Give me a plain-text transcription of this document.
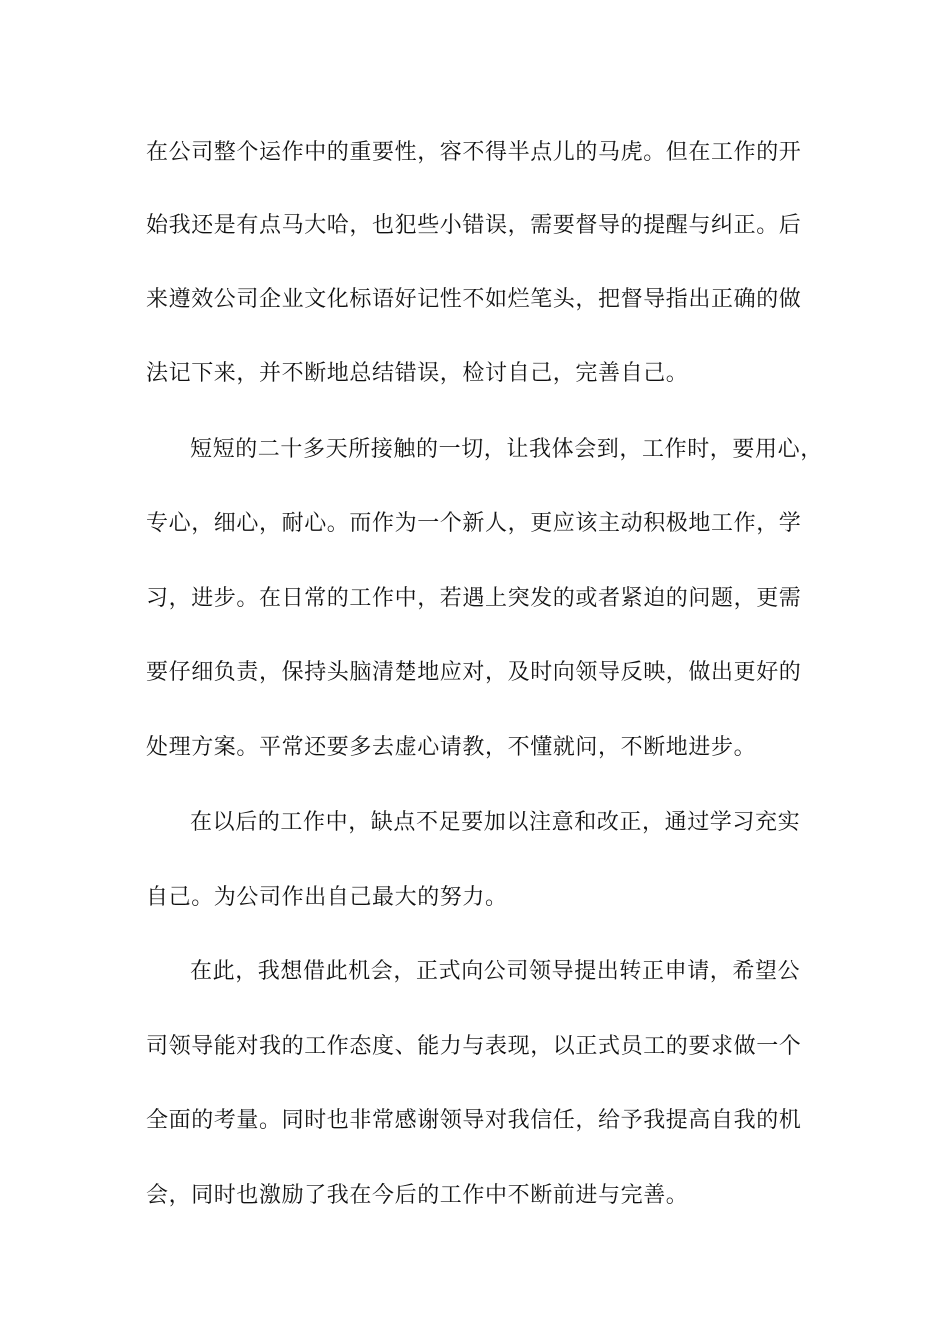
在公司整个运作中的重要性，容不得半点儿的马虎。但在工作的开
始我还是有点马大哈，也犯些小错误，需要督导的提醒与纠正。后
来遵效公司企业文化标语好记性不如烂笔头，把督导指出正确的做
法记下来，并不断地总结错误，检讨自己，完善自己。
短短的二十多天所接触的一切，让我体会到，工作时，要用心，
专心，细心，耐心。而作为一个新人，更应该主动积极地工作，学
习，进步。在日常的工作中，若遇上突发的或者紧迫的问题，更需
要仔细负责，保持头脑清楚地应对，及时向领导反映，做出更好的
处理方案。平常还要多去虚心请教，不懂就问，不断地进步。
在以后的工作中，缺点不足要加以注意和改正，通过学习充实
自己。为公司作出自己最大的努力。
在此，我想借此机会，正式向公司领导提出转正申请，希望公
司领导能对我的工作态度、能力与表现，以正式员工的要求做一个
全面的考量。同时也非常感谢领导对我信任，给予我提高自我的机
会，同时也激励了我在今后的工作中不断前进与完善。
